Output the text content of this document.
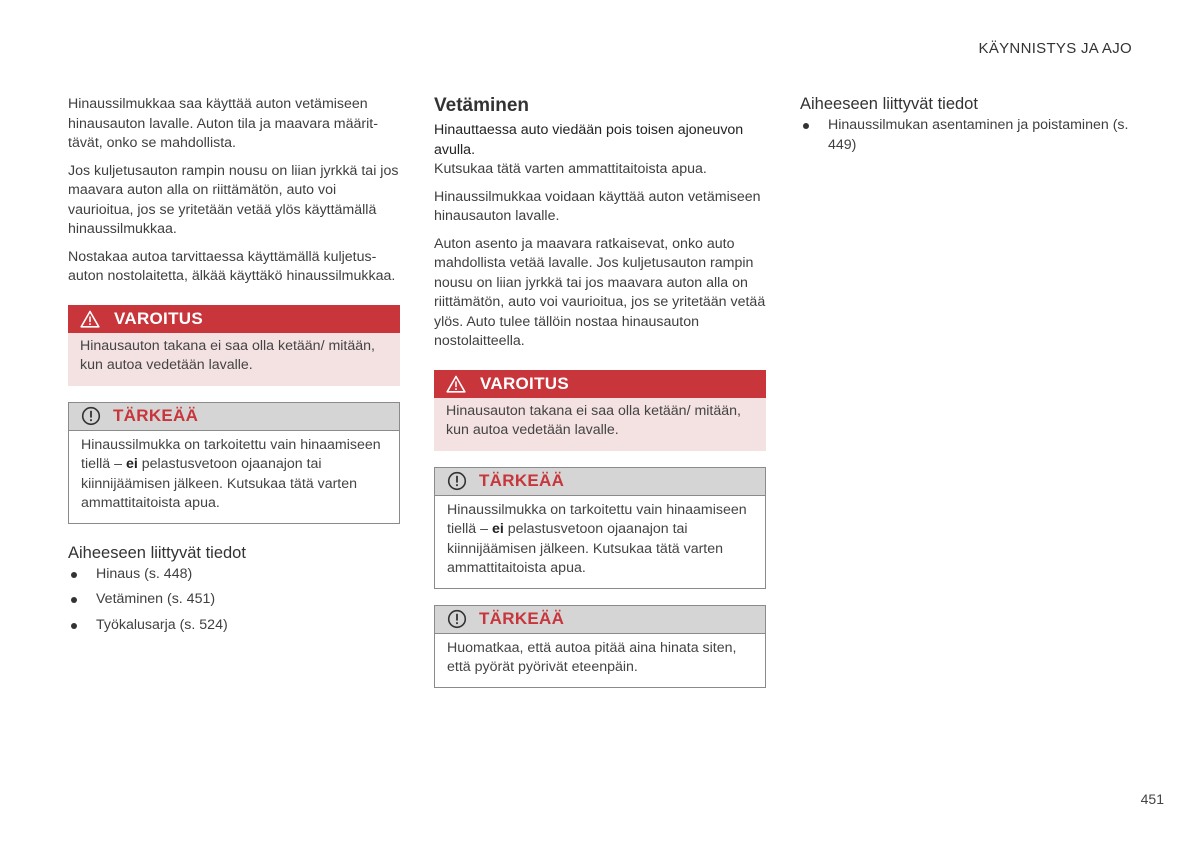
KÄYNNISTYS JA AJO

Hinaussilmukkaa saa käyttää auton vetämiseen hinausauton lavalle. Auton tila ja maavara määrittävät, onko se mahdollista.

Jos kuljetusauton rampin nousu on liian jyrkkä tai jos maavara auton alla on riittämätön, auto voi vaurioitua, jos se yritetään vetää ylös käyttämällä hinaussilmukkaa.

Nostakaa autoa tarvittaessa käyttämällä kuljetusauton nostolaitetta, älkää käyttäkö hinaussilmukkaa.

VAROITUS
Hinausauton takana ei saa olla ketään/ mitään, kun autoa vedetään lavalle.
TÄRKEÄÄ
Hinaussilmukka on tarkoitettu vain hinaamiseen tiellä – ei pelastusvetoon ojaanajon tai kiinnijäämisen jälkeen. Kutsukaa tätä varten ammattitaitoista apua.
Aiheeseen liittyvät tiedot
Hinaus (s. 448)
Vetäminen (s. 451)
Työkalusarja (s. 524)
Vetäminen

Hinauttaessa auto viedään pois toisen ajoneuvon avulla.

Kutsukaa tätä varten ammattitaitoista apua.

Hinaussilmukkaa voidaan käyttää auton vetämiseen hinausauton lavalle.

Auton asento ja maavara ratkaisevat, onko auto mahdollista vetää lavalle. Jos kuljetusauton rampin nousu on liian jyrkkä tai jos maavara auton alla on riittämätön, auto voi vaurioitua, jos se yritetään vetää ylös. Auto tulee tällöin nostaa hinausauton nostolaitteella.

VAROITUS
Hinausauton takana ei saa olla ketään/ mitään, kun autoa vedetään lavalle.
TÄRKEÄÄ
Hinaussilmukka on tarkoitettu vain hinaamiseen tiellä – ei pelastusvetoon ojaanajon tai kiinnijäämisen jälkeen. Kutsukaa tätä varten ammattitaitoista apua.
TÄRKEÄÄ
Huomatkaa, että autoa pitää aina hinata siten, että pyörät pyörivät eteenpäin.
Aiheeseen liittyvät tiedot
Hinaussilmukan asentaminen ja poistaminen (s. 449)
451
